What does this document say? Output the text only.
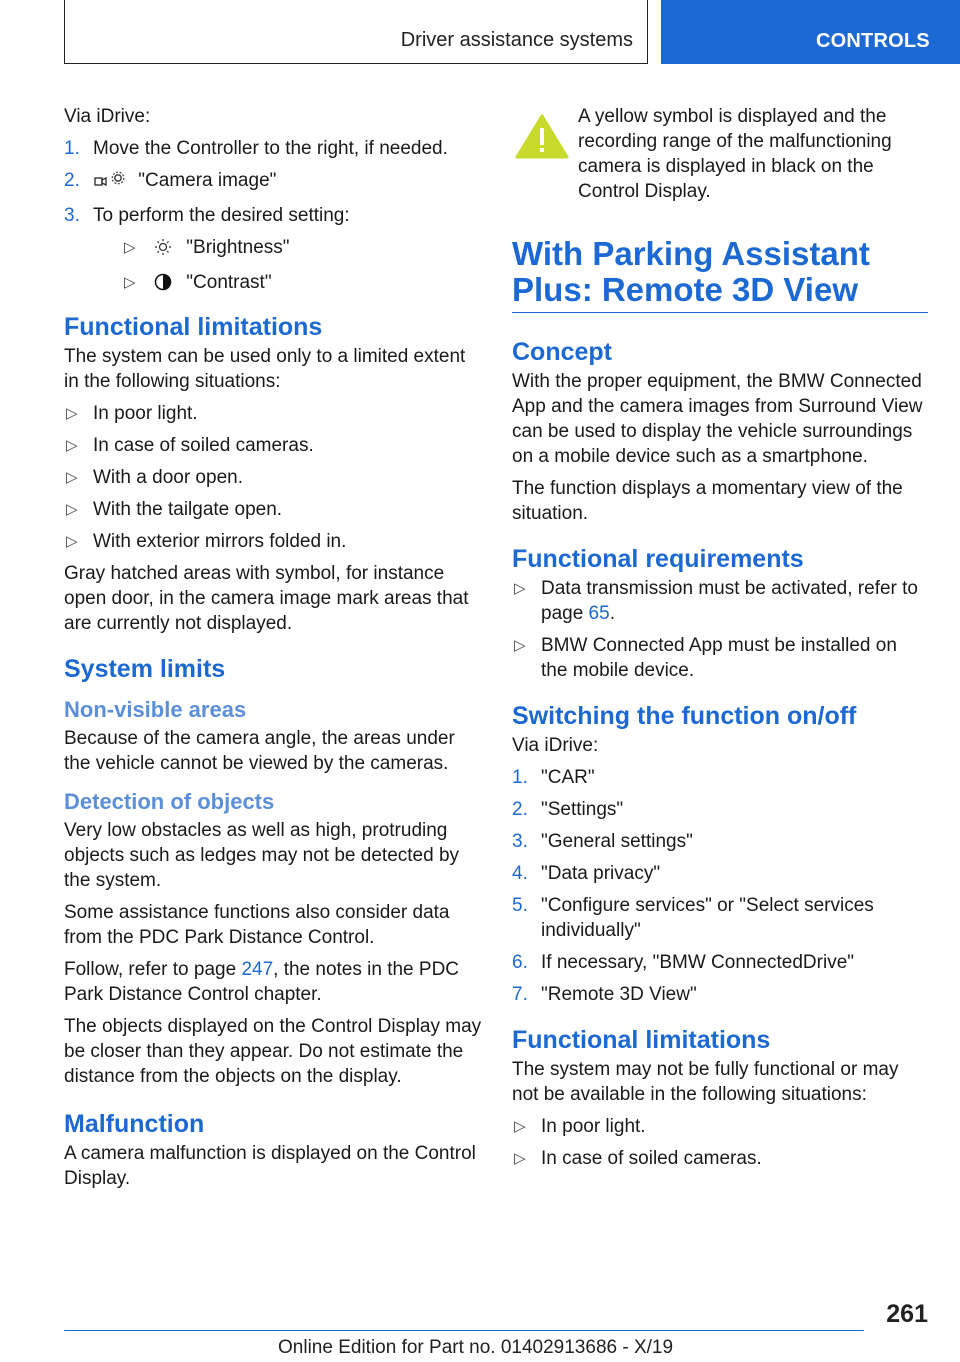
Driver assistance systems	CONTROLS

Via iDrive:

1. Move the Controller to the right, if needed.
2.	"Camera image"
3. To perform the desired setting:
▷	"Brightness"
▷	"Contrast"
Functional limitations

The system can be used only to a limited extent in the following situations:

▷ In poor light.
▷ In case of soiled cameras.
▷ With a door open.
▷ With the tailgate open.
▷ With exterior mirrors folded in.

Gray hatched areas with symbol, for instance open door, in the camera image mark areas that are currently not displayed.

System limits
Non-visible areas

Because of the camera angle, the areas under the vehicle cannot be viewed by the cameras.

Detection of objects

Very low obstacles as well as high, protruding objects such as ledges may not be detected by the system.

Some assistance functions also consider data from the PDC Park Distance Control.

Follow, refer to page 247, the notes in the PDC Park Distance Control chapter.

The objects displayed on the Control Display may be closer than they appear. Do not estimate the distance from the objects on the display.

Malfunction

A camera malfunction is displayed on the Control Display.

A yellow symbol is displayed and the recording range of the malfunctioning camera is displayed in black on the Control Display.
With Parking Assistant Plus: Remote 3D View
Concept

With the proper equipment, the BMW Connected App and the camera images from Surround View can be used to display the vehicle surroundings on a mobile device such as a smartphone.

The function displays a momentary view of the situation.

Functional requirements
▷ Data transmission must be activated, refer to page 65.
▷ BMW Connected App must be installed on the mobile device.
Switching the function on/off

Via iDrive:

1. "CAR"
2. "Settings"
3. "General settings"
4. "Data privacy"
5. "Configure services" or "Select services individually"
6. If necessary, "BMW ConnectedDrive"
7. "Remote 3D View"
Functional limitations

The system may not be fully functional or may not be available in the following situations:

▷ In poor light.
▷ In case of soiled cameras.
261
Online Edition for Part no. 01402913686 - X/19
